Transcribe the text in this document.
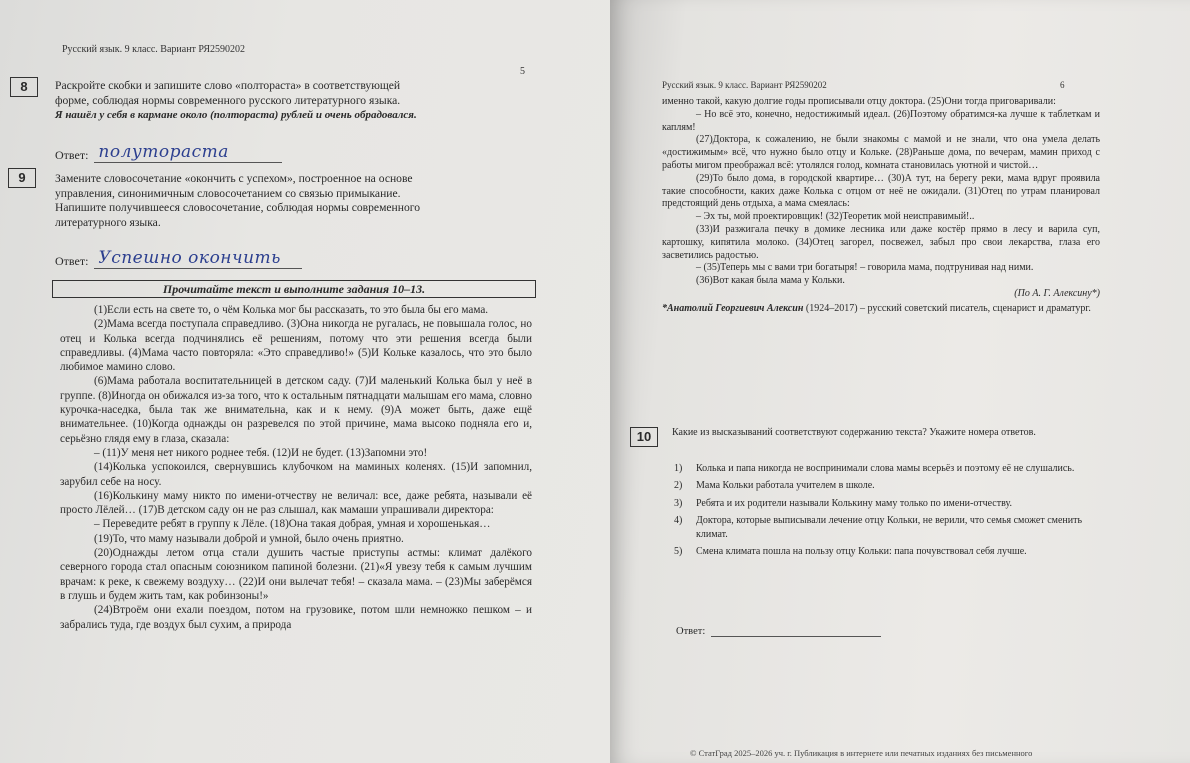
Русский язык. 9 класс. Вариант РЯ2590202
5
8	Раскройте скобки и запишите слово «полтораста» в соответствующей
форме, соблюдая нормы современного русского литературного языка.
Я нашёл у себя в кармане около (полтораста) рублей и очень обрадовался.
Ответ: полутораста
9	Замените словосочетание «окончить с успехом», построенное на основе
управления, синонимичным словосочетанием со связью примыкание.
Напишите получившееся словосочетание, соблюдая нормы современного
литературного языка.
Ответ: Успешно окончить
Прочитайте текст и выполните задания 10–13.

(1)Если есть на свете то, о чём Колька мог бы рассказать, то это была бы его мама.

(2)Мама всегда поступала справедливо. (3)Она никогда не ругалась, не повышала голос, но отец и Колька всегда подчинялись её решениям, потому что эти решения всегда были справедливы. (4)Мама часто повторяла: «Это справедливо!» (5)И Кольке казалось, что это было любимое мамино слово.

(6)Мама работала воспитательницей в детском саду. (7)И маленький Колька был у неё в группе. (8)Иногда он обижался из-за того, что к остальным пятнадцати малышам его мама, словно курочка-наседка, была так же внимательна, как и к нему. (9)А может быть, даже ещё внимательнее. (10)Когда однажды он разревелся по этой причине, мама высоко подняла его и, серьёзно глядя ему в глаза, сказала:

– (11)У меня нет никого роднее тебя. (12)И не будет. (13)Запомни это!

(14)Колька успокоился, свернувшись клубочком на маминых коленях. (15)И запомнил, зарубил себе на носу.

(16)Колькину маму никто по имени-отчеству не величал: все, даже ребята, называли её просто Лёлей… (17)В детском саду он не раз слышал, как мамаши упрашивали директора:

– Переведите ребят в группу к Лёле. (18)Она такая добрая, умная и хорошенькая…

(19)То, что маму называли доброй и умной, было очень приятно.

(20)Однажды летом отца стали душить частые приступы астмы: климат далёкого северного города стал опасным союзником папиной болезни. (21)«Я увезу тебя к самым лучшим врачам: к реке, к свежему воздуху… (22)И они вылечат тебя! – сказала мама. – (23)Мы заберёмся в глушь и будем жить там, как робинзоны!»

(24)Втроём они ехали поездом, потом на грузовике, потом шли немножко пешком – и забрались туда, где воздух был сухим, а природа

Русский язык. 9 класс. Вариант РЯ2590202	6

именно такой, какую долгие годы прописывали отцу доктора. (25)Они тогда приговаривали:

– Но всё это, конечно, недостижимый идеал. (26)Поэтому обратимся-ка лучше к таблеткам и каплям!

(27)Доктора, к сожалению, не были знакомы с мамой и не знали, что она умела делать «достижимым» всё, что нужно было отцу и Кольке. (28)Раньше дома, по вечерам, мамин приход с работы мигом преображал всё: утолялся голод, комната становилась уютной и чистой…

(29)То было дома, в городской квартире… (30)А тут, на берегу реки, мама вдруг проявила такие способности, каких даже Колька с отцом от неё не ожидали. (31)Отец по утрам планировал предстоящий день отдыха, а мама смеялась:

– Эх ты, мой проектировщик! (32)Теоретик мой неисправимый!..

(33)И разжигала печку в домике лесника или даже костёр прямо в лесу и варила суп, картошку, кипятила молоко. (34)Отец загорел, посвежел, забыл про свои лекарства, глаза его засветились радостью.

– (35)Теперь мы с вами три богатыря! – говорила мама, подтрунивая над ними.

(36)Вот какая была мама у Кольки.

(По А. Г. Алексину*)

*Анатолий Георгиевич Алексин (1924–2017) – русский советский писатель, сценарист и драматург.

10	Какие из высказываний соответствуют содержанию текста? Укажите номера ответов.
1)	Колька и папа никогда не воспринимали слова мамы всерьёз и поэтому её не слушались.
2)	Мама Кольки работала учителем в школе.
3)	Ребята и их родители называли Колькину маму только по имени-отчеству.
4)	Доктора, которые выписывали лечение отцу Кольки, не верили, что семья сможет сменить климат.
5)	Смена климата пошла на пользу отцу Кольки: папа почувствовал себя лучше.
Ответ:
© СтатГрад 2025–2026 уч. г. Публикация в интернете или печатных изданиях без письменного
